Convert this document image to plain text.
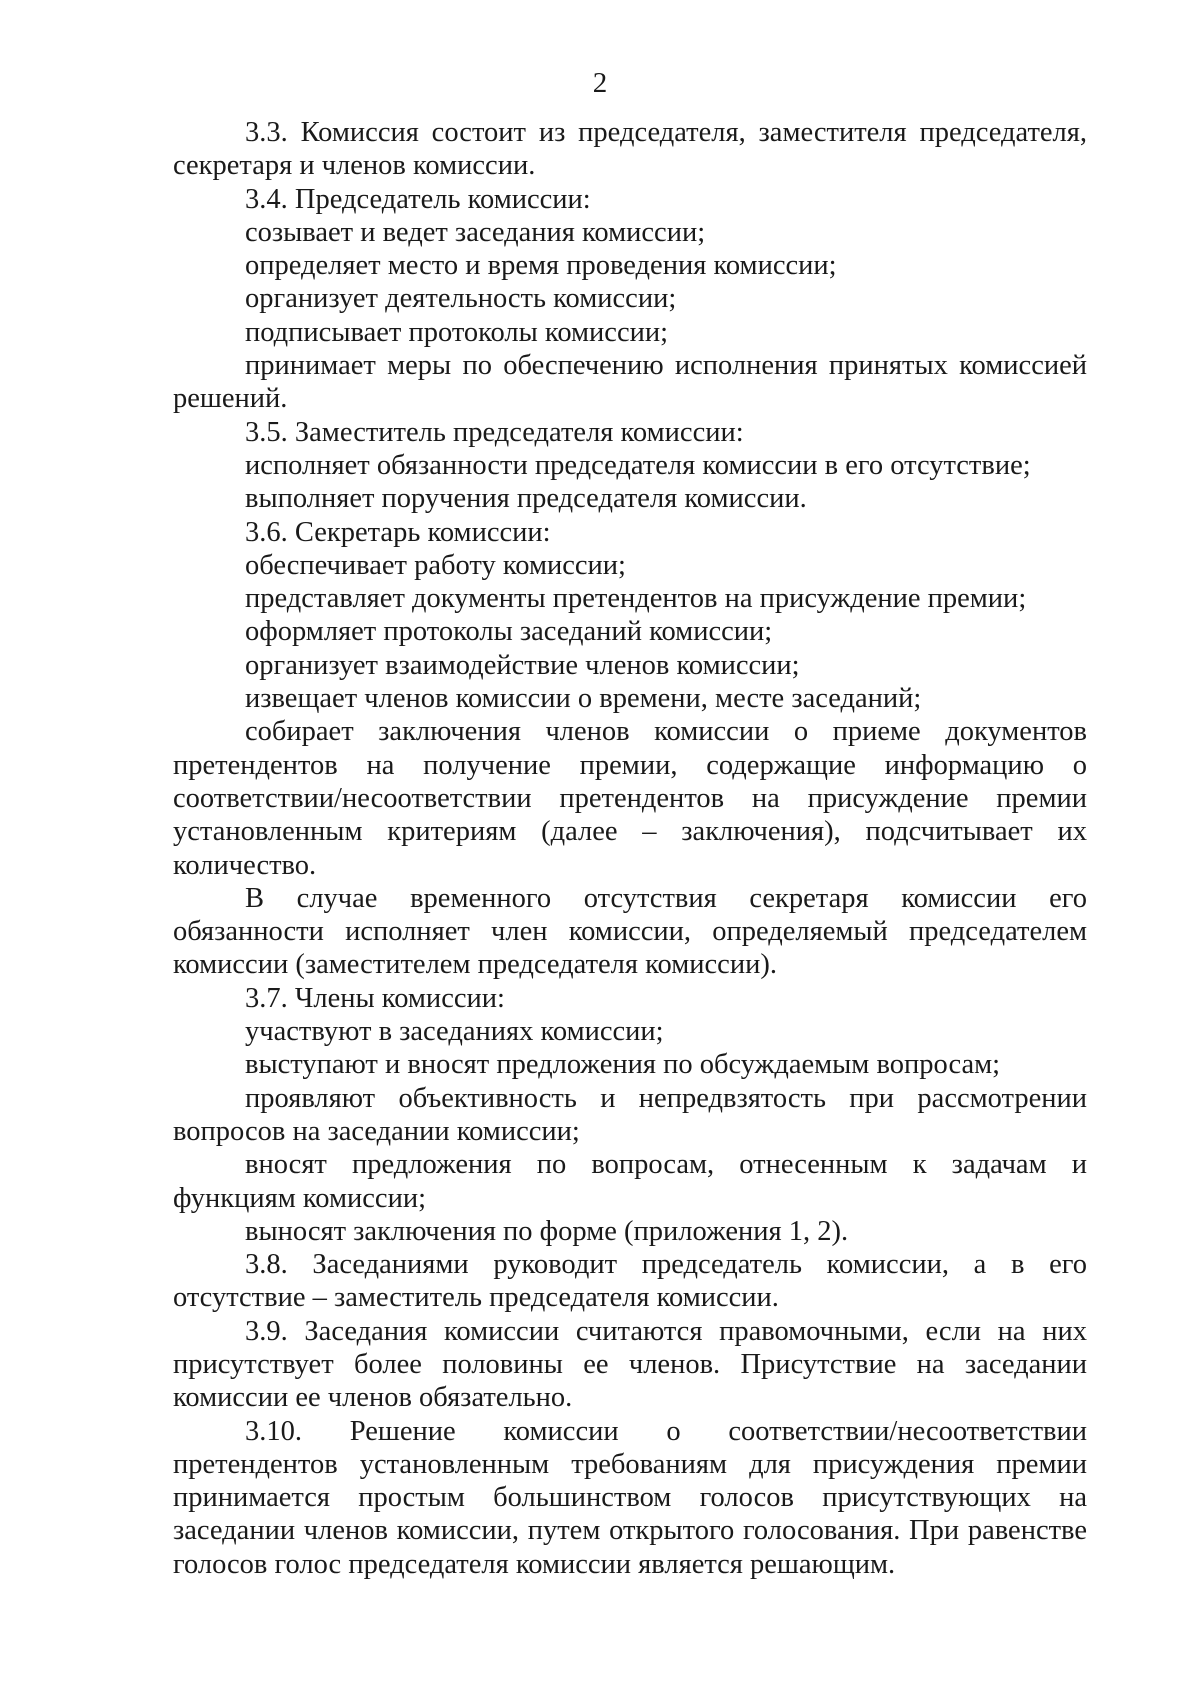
2

3.3. Комиссия состоит из председателя, заместителя председателя, секретаря и членов комиссии.

3.4. Председатель комиссии:

созывает и ведет заседания комиссии;

определяет место и время проведения комиссии;

организует деятельность комиссии;

подписывает протоколы комиссии;

принимает меры по обеспечению исполнения принятых комиссией решений.

3.5. Заместитель председателя комиссии:

исполняет обязанности председателя комиссии в его отсутствие;

выполняет поручения председателя комиссии.

3.6. Секретарь комиссии:

обеспечивает работу комиссии;

представляет документы претендентов на присуждение премии;

оформляет протоколы заседаний комиссии;

организует взаимодействие членов комиссии;

извещает членов комиссии о времени, месте заседаний;

собирает заключения членов комиссии о приеме документов претендентов на получение премии, содержащие информацию о соответствии/несоответствии претендентов на присуждение премии установленным критериям (далее – заключения), подсчитывает их количество.

В случае временного отсутствия секретаря комиссии его обязанности исполняет член комиссии, определяемый председателем комиссии (заместителем председателя комиссии).

3.7. Члены комиссии:

участвуют в заседаниях комиссии;

выступают и вносят предложения по обсуждаемым вопросам;

проявляют объективность и непредвзятость при рассмотрении вопросов на заседании комиссии;

вносят предложения по вопросам, отнесенным к задачам и функциям комиссии;

выносят заключения по форме (приложения 1, 2).

3.8. Заседаниями руководит председатель комиссии, а в его отсутствие – заместитель председателя комиссии.

3.9. Заседания комиссии считаются правомочными, если на них присутствует более половины ее членов. Присутствие на заседании комиссии ее членов обязательно.

3.10. Решение комиссии о соответствии/несоответствии претендентов установленным требованиям для присуждения премии принимается простым большинством голосов присутствующих на заседании членов комиссии, путем открытого голосования. При равенстве голосов голос председателя комиссии является решающим.
